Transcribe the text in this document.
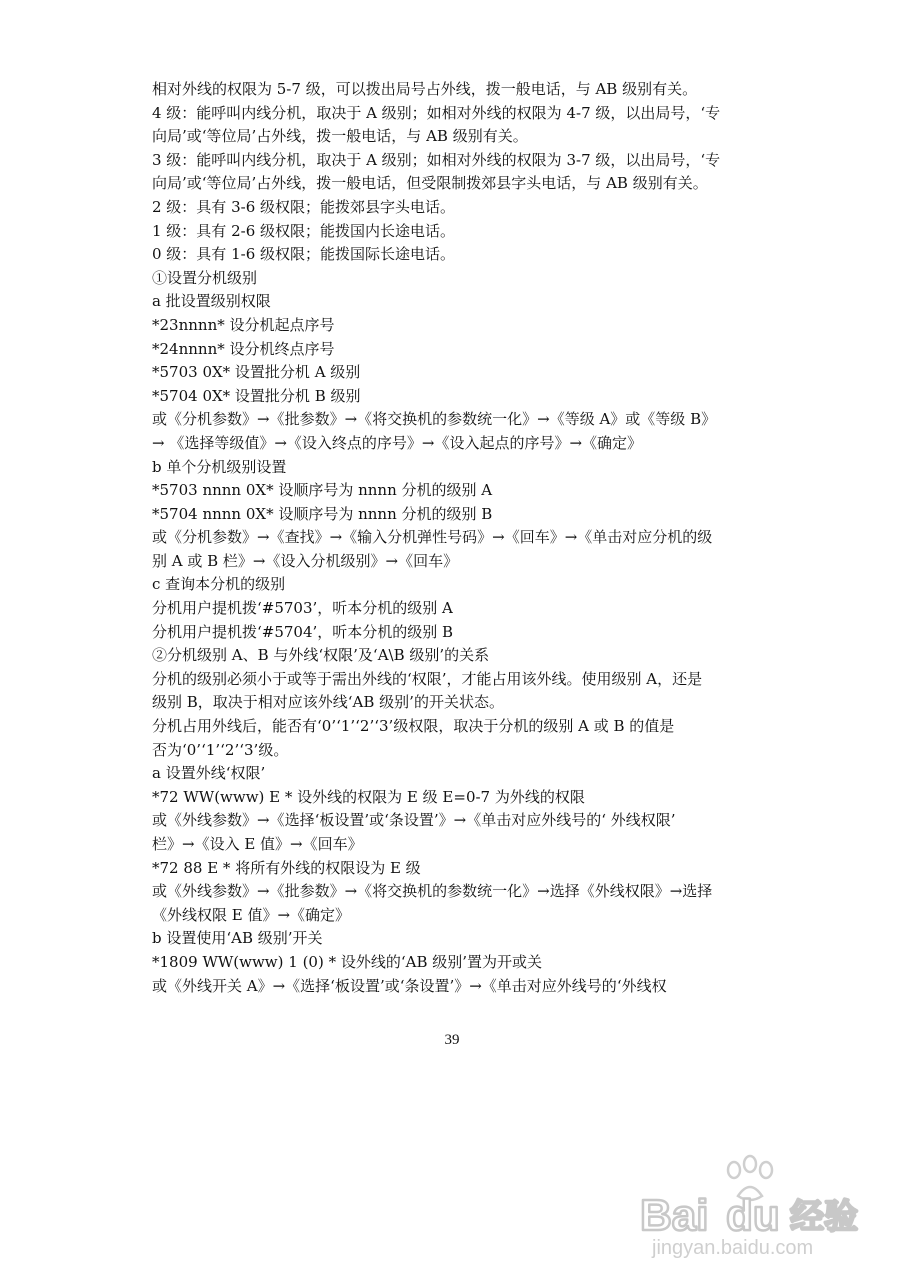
相对外线的权限为 5-7 级，可以拨出局号占外线，拨一般电话，与 AB 级别有关。
4 级：能呼叫内线分机，取决于 A 级别；如相对外线的权限为 4-7 级，以出局号，‘专
向局’或‘等位局’占外线，拨一般电话，与 AB 级别有关。
3 级：能呼叫内线分机，取决于 A 级别；如相对外线的权限为 3-7 级，以出局号，‘专
向局’或‘等位局’占外线，拨一般电话，但受限制拨郊县字头电话，与 AB 级别有关。
2 级：具有 3-6 级权限；能拨郊县字头电话。
1 级：具有 2-6 级权限；能拨国内长途电话。
0 级：具有 1-6 级权限；能拨国际长途电话。
①设置分机级别
a 批设置级别权限
*23nnnn* 设分机起点序号
*24nnnn* 设分机终点序号
*5703 0X* 设置批分机 A 级别
*5704 0X* 设置批分机 B 级别
或《分机参数》→《批参数》→《将交换机的参数统一化》→《等级 A》或《等级 B》
→ 《选择等级值》→《设入终点的序号》→《设入起点的序号》→《确定》
b 单个分机级别设置
*5703 nnnn 0X* 设顺序号为 nnnn 分机的级别 A
*5704 nnnn 0X* 设顺序号为 nnnn 分机的级别 B
或《分机参数》→《查找》→《输入分机弹性号码》→《回车》→《单击对应分机的级
别 A 或 B 栏》→《设入分机级别》→《回车》
c 查询本分机的级别
分机用户提机拨‘#5703’，听本分机的级别 A
分机用户提机拨‘#5704’，听本分机的级别 B
②分机级别 A、B 与外线‘权限’及‘A\B 级别’的关系
分机的级别必须小于或等于需出外线的‘权限’，才能占用该外线。使用级别 A，还是
级别 B，取决于相对应该外线‘AB 级别’的开关状态。
分机占用外线后，能否有‘0’‘1’‘2’‘3’级权限，取决于分机的级别 A 或 B 的值是
否为‘0’‘1’‘2’‘3’级。
a 设置外线‘权限’
*72 WW(www) E * 设外线的权限为 E 级 E=0-7 为外线的权限
或《外线参数》→《选择‘板设置’或‘条设置’》→《单击对应外线号的‘ 外线权限’
栏》→《设入 E 值》→《回车》
*72 88 E * 将所有外线的权限设为 E 级
或《外线参数》→《批参数》→《将交换机的参数统一化》→选择《外线权限》→选择
《外线权限 E 值》→《确定》
b 设置使用‘AB 级别’开关
*1809 WW(www) 1 (0) * 设外线的‘AB 级别’置为开或关
或《外线开关 A》→《选择‘板设置’或‘条设置’》→《单击对应外线号的‘外线权
39
Bai du 经验
jingyan.baidu.com
